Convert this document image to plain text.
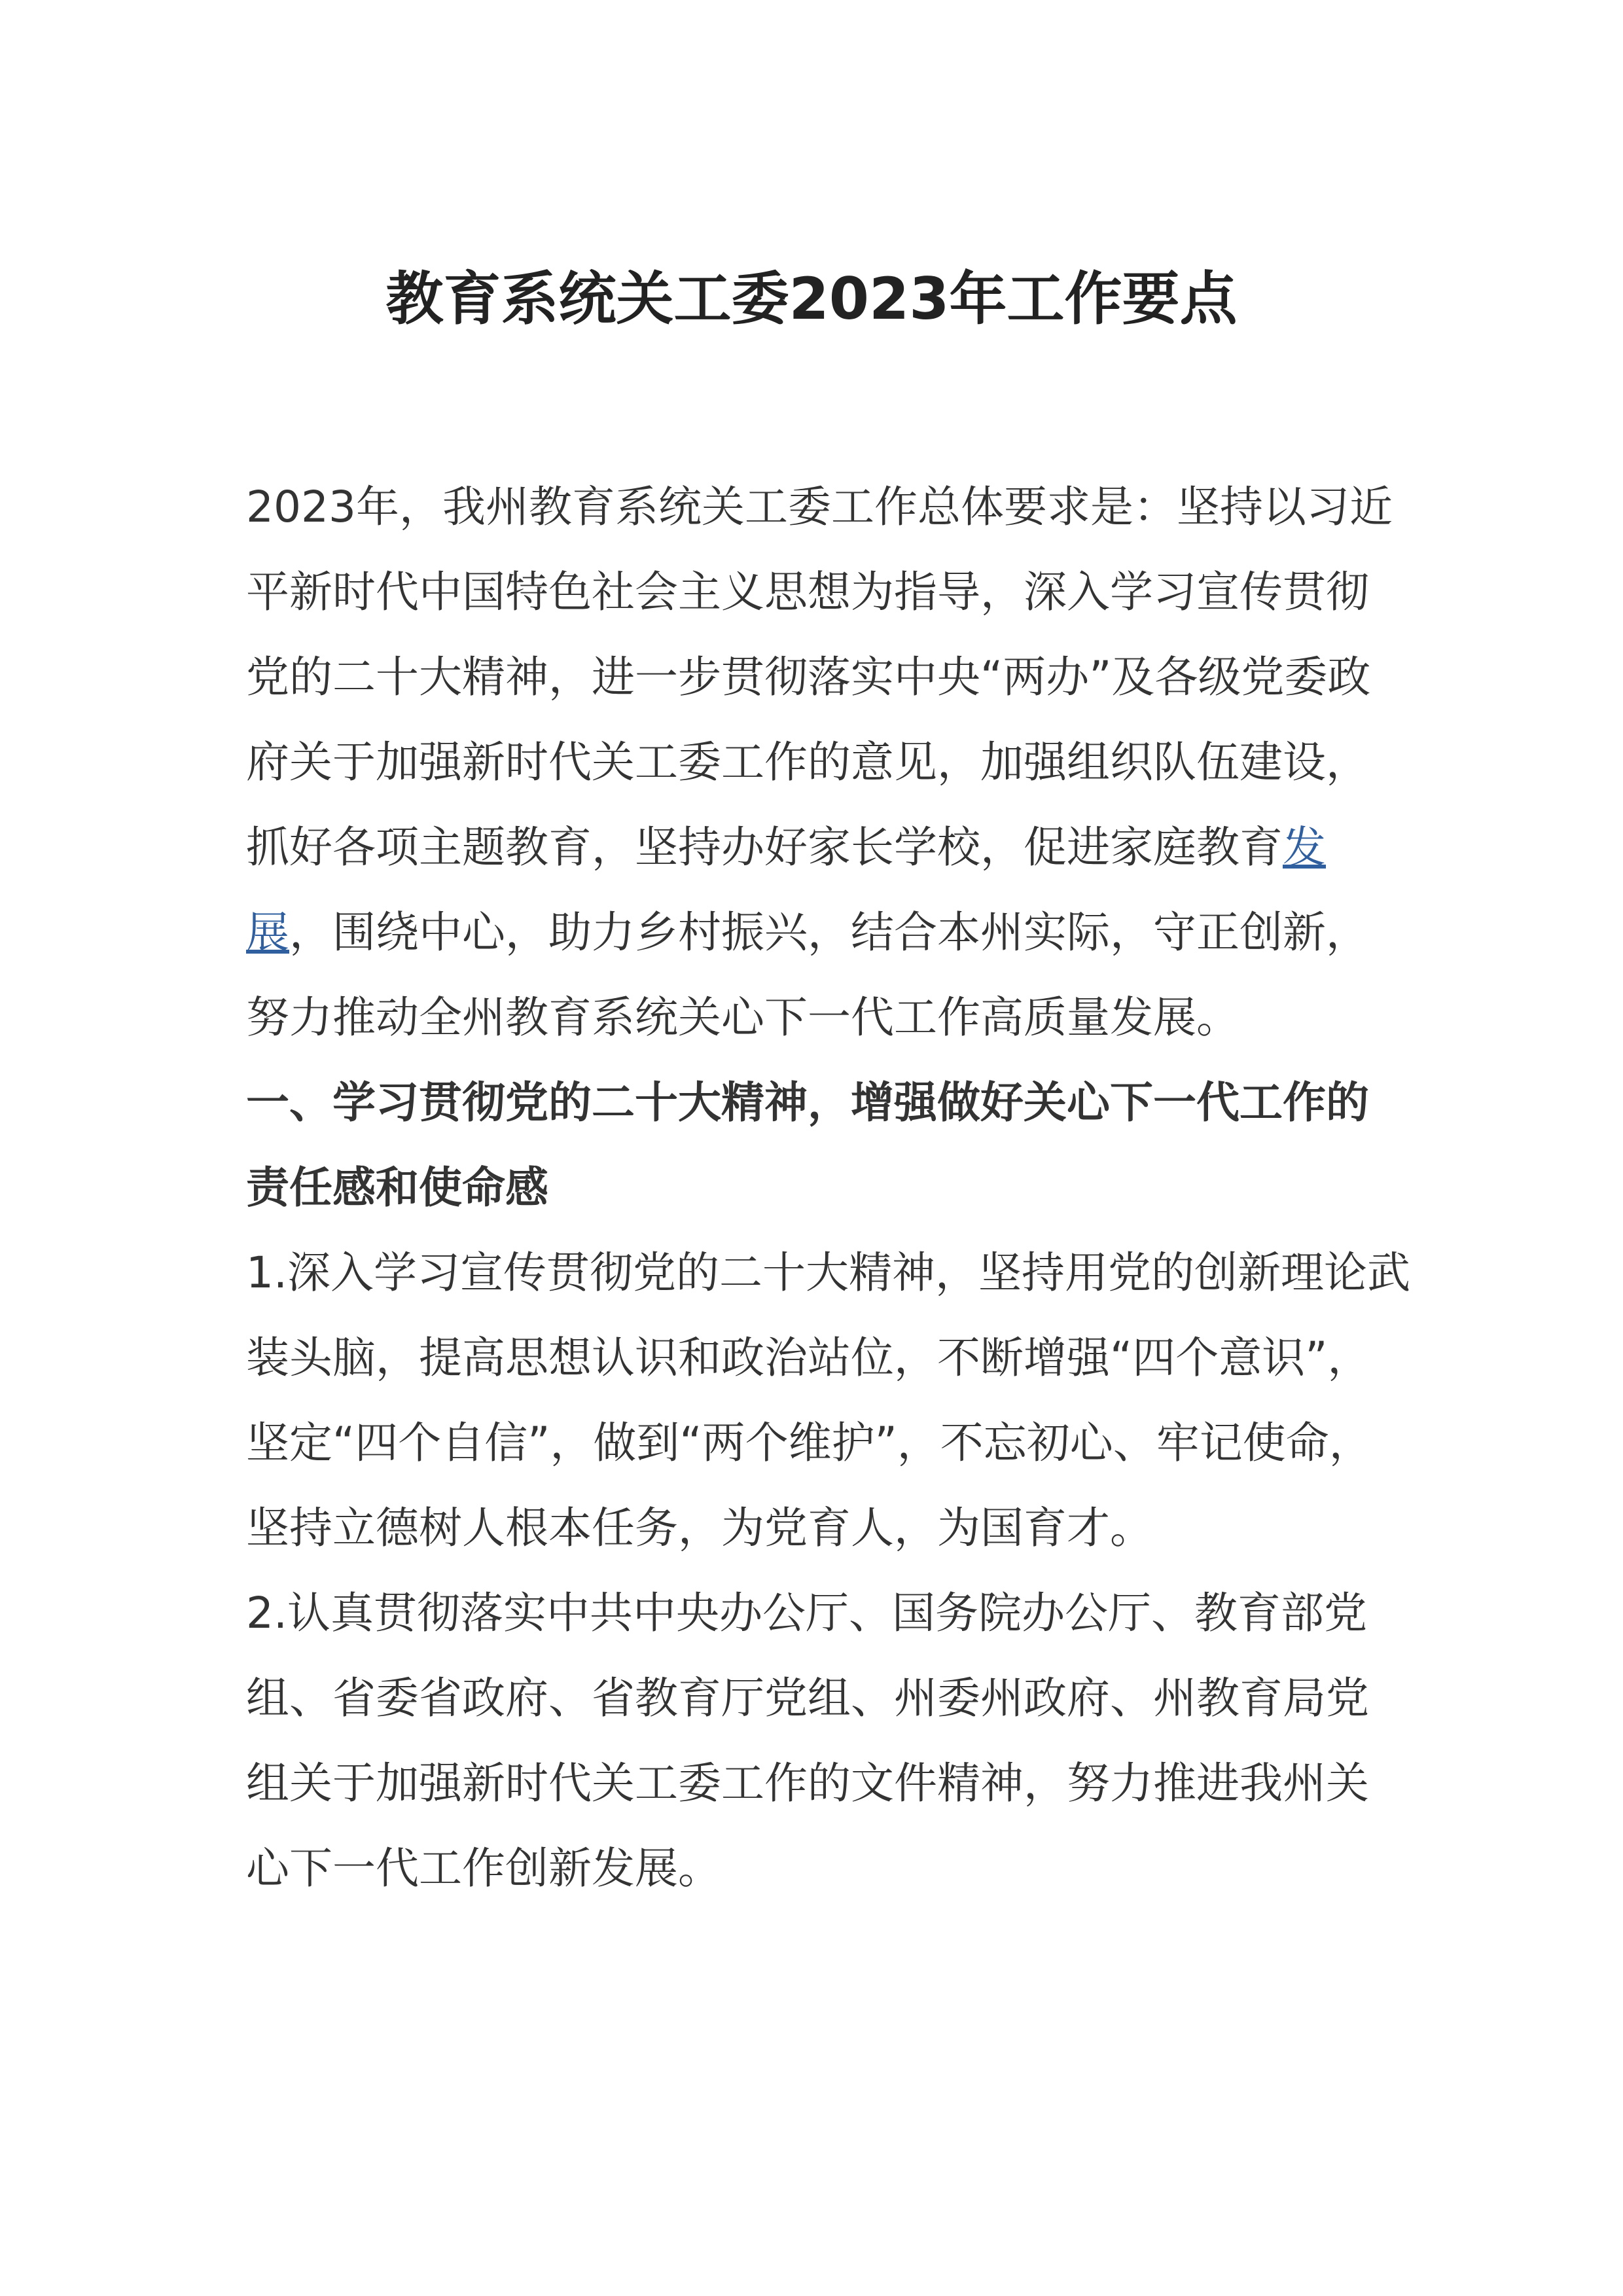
教育系统关工委2023年工作要点

2023年，我州教育系统关工委工作总体要求是：坚持以习近平新时代中国特色社会主义思想为指导，深入学习宣传贯彻党的二十大精神，进一步贯彻落实中央“两办”及各级党委政府关于加强新时代关工委工作的意见，加强组织队伍建设，抓好各项主题教育，坚持办好家长学校，促进家庭教育发展，围绕中心，助力乡村振兴，结合本州实际，守正创新，努力推动全州教育系统关心下一代工作高质量发展。

一、学习贯彻党的二十大精神，增强做好关心下一代工作的责任感和使命感

1.深入学习宣传贯彻党的二十大精神，坚持用党的创新理论武装头脑，提高思想认识和政治站位，不断增强“四个意识”，坚定“四个自信”，做到“两个维护”，不忘初心、牢记使命，坚持立德树人根本任务，为党育人，为国育才。

2.认真贯彻落实中共中央办公厅、国务院办公厅、教育部党组、省委省政府、省教育厅党组、州委州政府、州教育局党组关于加强新时代关工委工作的文件精神，努力推进我州关心下一代工作创新发展。
